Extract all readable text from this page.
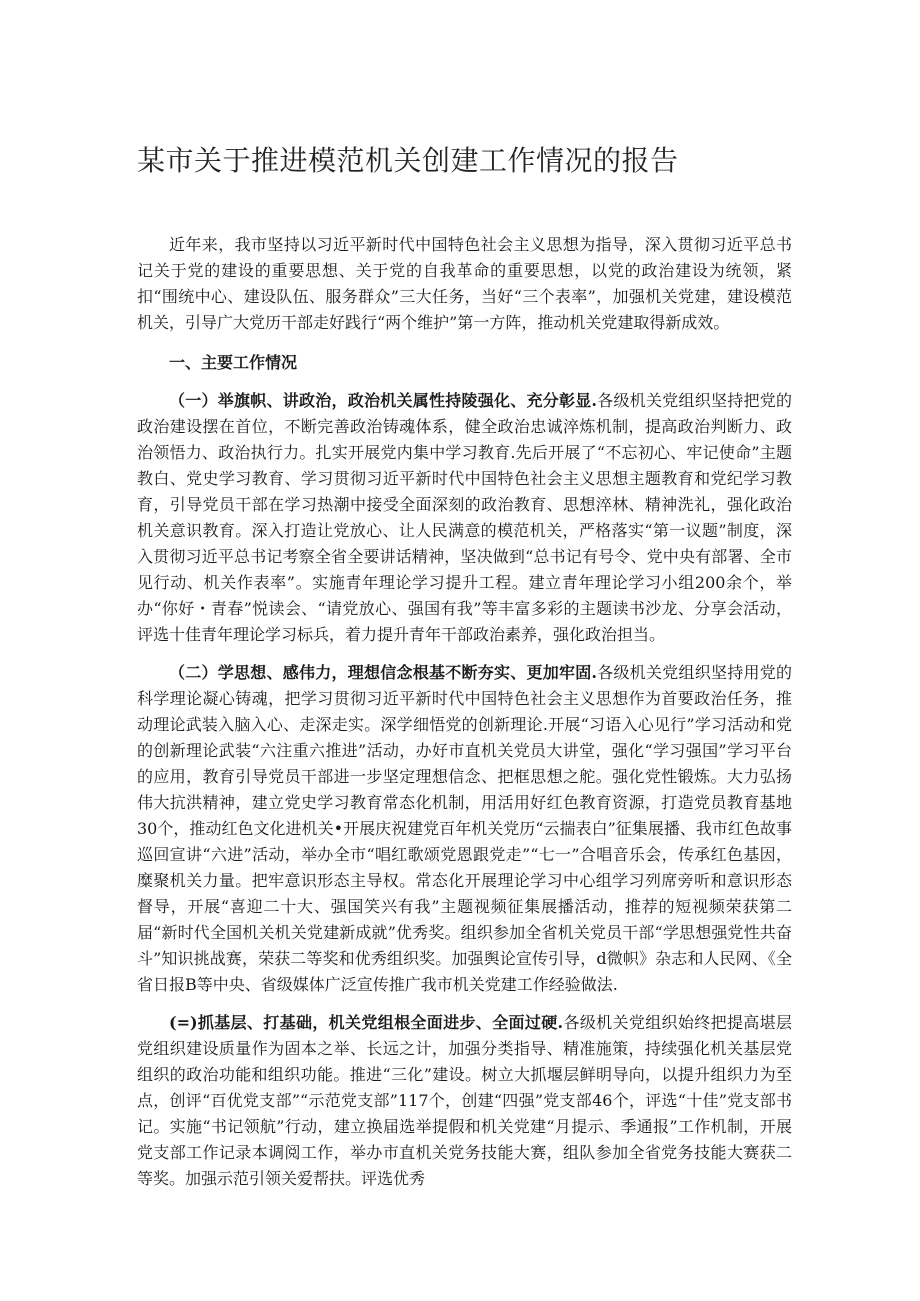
某市关于推进模范机关创建工作情况的报告

近年来，我市坚持以习近平新时代中国特色社会主义思想为指导，深入贯彻习近平总书记关于党的建设的重要思想、关于党的自我革命的重要思想，以党的政治建设为统领，紧扣“围统中心、建设队伍、服务群众”三大任务，当好“三个表率”，加强机关党建，建设模范机关，引导广大党历干部走好践行“两个维护”第一方阵，推动机关党建取得新成效。

一、主要工作情况

（一）举旗帜、讲政治，政治机关属性持陵强化、充分彰显.各级机关党组织坚持把党的政治建设摆在首位，不断完善政治铸魂体系，健全政治忠诚淬炼机制，提高政治判断力、政治领悟力、政治执行力。扎实开展党内集中学习教育.先后开展了“不忘初心、牢记使命”主题教白、党史学习教育、学习贯彻习近平新时代中国特色社会主义思想主题教育和党纪学习教育，引导党员干部在学习热潮中接受全面深刻的政治教育、思想淬林、精神洗礼，强化政治机关意识教育。深入打造让党放心、让人民满意的模范机关，严格落实“第一议题”制度，深入贯彻习近平总书记考察全省全要讲话精神，坚决做到“总书记有号令、党中央有部署、全市见行动、机关作表率”。实施青年理论学习提升工程。建立青年理论学习小组200余个，举办“你好・青春”悦读会、“请党放心、强国有我”等丰富多彩的主题读书沙龙、分享会活动，评选十佳青年理论学习标兵，着力提升青年干部政治素养，强化政治担当。

（二）学思想、感伟力，理想信念根基不断夯实、更加牢固.各级机关党组织坚持用党的科学理论凝心铸魂，把学习贯彻习近平新时代中国特色社会主义思想作为首要政治任务，推动理论武装入脑入心、走深走实。深学细悟党的创新理论.开展“习语入心见行”学习活动和党的创新理论武装“六注重六推进”活动，办好市直机关党员大讲堂，强化“学习强国”学习平台的应用，教育引导党员干部进一步坚定理想信念、把框思想之舵。强化党性锻炼。大力弘扬伟大抗洪精神，建立党史学习教育常态化机制，用活用好红色教育资源，打造党员教育基地30个，推动红色文化进机关•开展庆祝建党百年机关党历“云揣表白”征集展播、我市红色故事巡回宣讲“六进”活动，举办全市“唱红歌颂党恩跟党走”“七一”合唱音乐会，传承红色基因，糜聚机关力量。把牢意识形态主导权。常态化开展理论学习中心组学习列席旁听和意识形态督导，开展“喜迎二十大、强国笑兴有我”主题视频征集展播活动，推荐的短视频荣获第二届“新时代全国机关机关党建新成就”优秀奖。组织参加全省机关党员干部“学思想强党性共奋斗”知识挑战赛，荣获二等奖和优秀组织奖。加强舆论宣传引导，d微帜》杂志和人民网、《全省日报B等中央、省级媒体广泛宣传推广我市机关党建工作经验做法.

(=)抓基层、打基础，机关党组根全面进步、全面过硬.各级机关党组织始终把提高堪层党组织建设质量作为固本之举、长远之计，加强分类指导、精准施策，持续强化机关基层党组织的政治功能和组织功能。推进“三化”建设。树立大抓堰层鲜明导向，以提升组织力为至点，创评“百优党支部”“示范党支部”117个，创建“四强”党支部46个，评选“十佳”党支部书记。实施“书记领航”行动，建立换届选举提假和机关党建“月提示、季通报”工作机制，开展党支部工作记录本调阅工作，举办市直机关党务技能大赛，组队参加全省党务技能大赛获二等奖。加强示范引领关爱帮扶。评选优秀
